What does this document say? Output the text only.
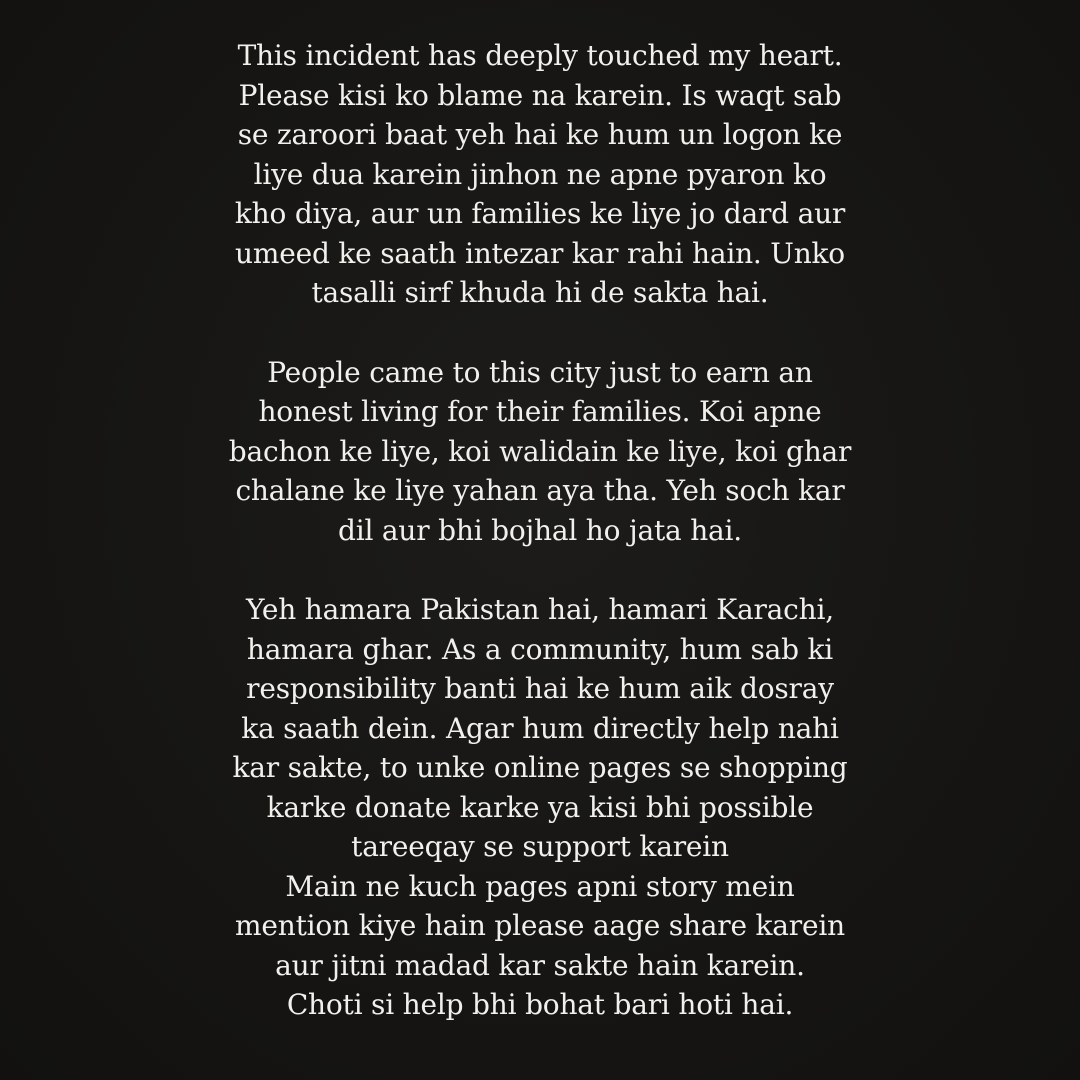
This incident has deeply touched my heart.
Please kisi ko blame na karein. Is waqt sab
se zaroori baat yeh hai ke hum un logon ke
liye dua karein jinhon ne apne pyaron ko
kho diya, aur un families ke liye jo dard aur
umeed ke saath intezar kar rahi hain. Unko
tasalli sirf khuda hi de sakta hai.
People came to this city just to earn an
honest living for their families. Koi apne
bachon ke liye, koi walidain ke liye, koi ghar
chalane ke liye yahan aya tha. Yeh soch kar
dil aur bhi bojhal ho jata hai.
Yeh hamara Pakistan hai, hamari Karachi,
hamara ghar. As a community, hum sab ki
responsibility banti hai ke hum aik dosray
ka saath dein. Agar hum directly help nahi
kar sakte, to unke online pages se shopping
karke donate karke ya kisi bhi possible
tareeqay se support karein
Main ne kuch pages apni story mein
mention kiye hain please aage share karein
aur jitni madad kar sakte hain karein.
Choti si help bhi bohat bari hoti hai.
